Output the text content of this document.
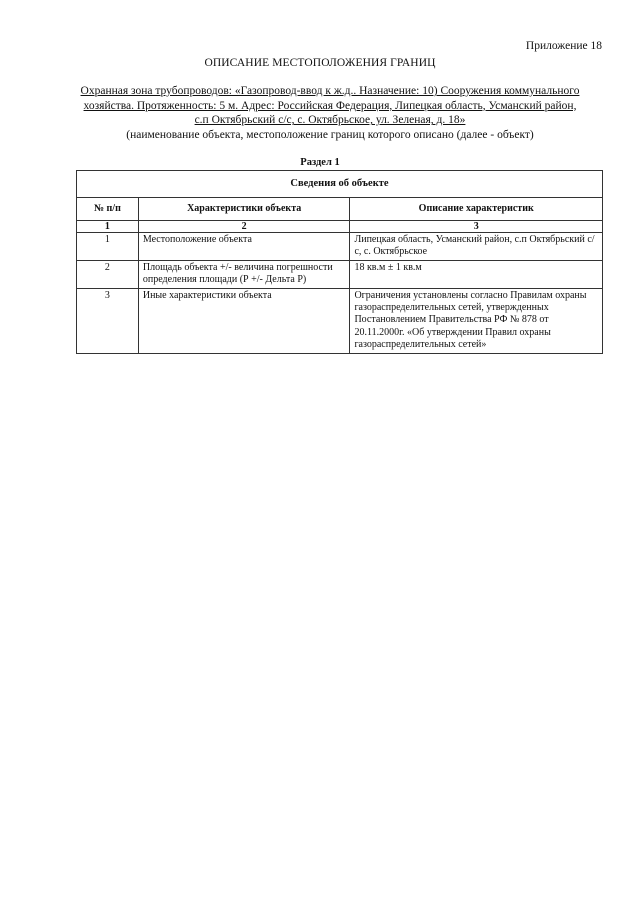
Приложение 18
ОПИСАНИЕ МЕСТОПОЛОЖЕНИЯ ГРАНИЦ
Охранная зона трубопроводов: «Газопровод-ввод к ж.д.. Назначение: 10) Сооружения коммунального хозяйства. Протяженность: 5 м. Адрес: Российская Федерация, Липецкая область, Усманский район, с.п Октябрьский с/с, с. Октябрьское, ул. Зеленая, д. 18»
(наименование объекта, местоположение границ которого описано (далее - объект)
Раздел 1
Сведения об объекте		
№ п/п	Характеристики объекта	Описание характеристик
1	2	3
1	Местоположение объекта	Липецкая область, Усманский район, с.п Октябрьский с/с, с. Октябрьское
2	Площадь объекта +/- величина погрешности определения площади (Р +/- Дельта Р)	18 кв.м ± 1 кв.м
3	Иные характеристики объекта	Ограничения установлены согласно Правилам охраны газораспределительных сетей, утвержденных Постановлением Правительства РФ № 878 от 20.11.2000г. «Об утверждении Правил охраны газораспределительных сетей»
